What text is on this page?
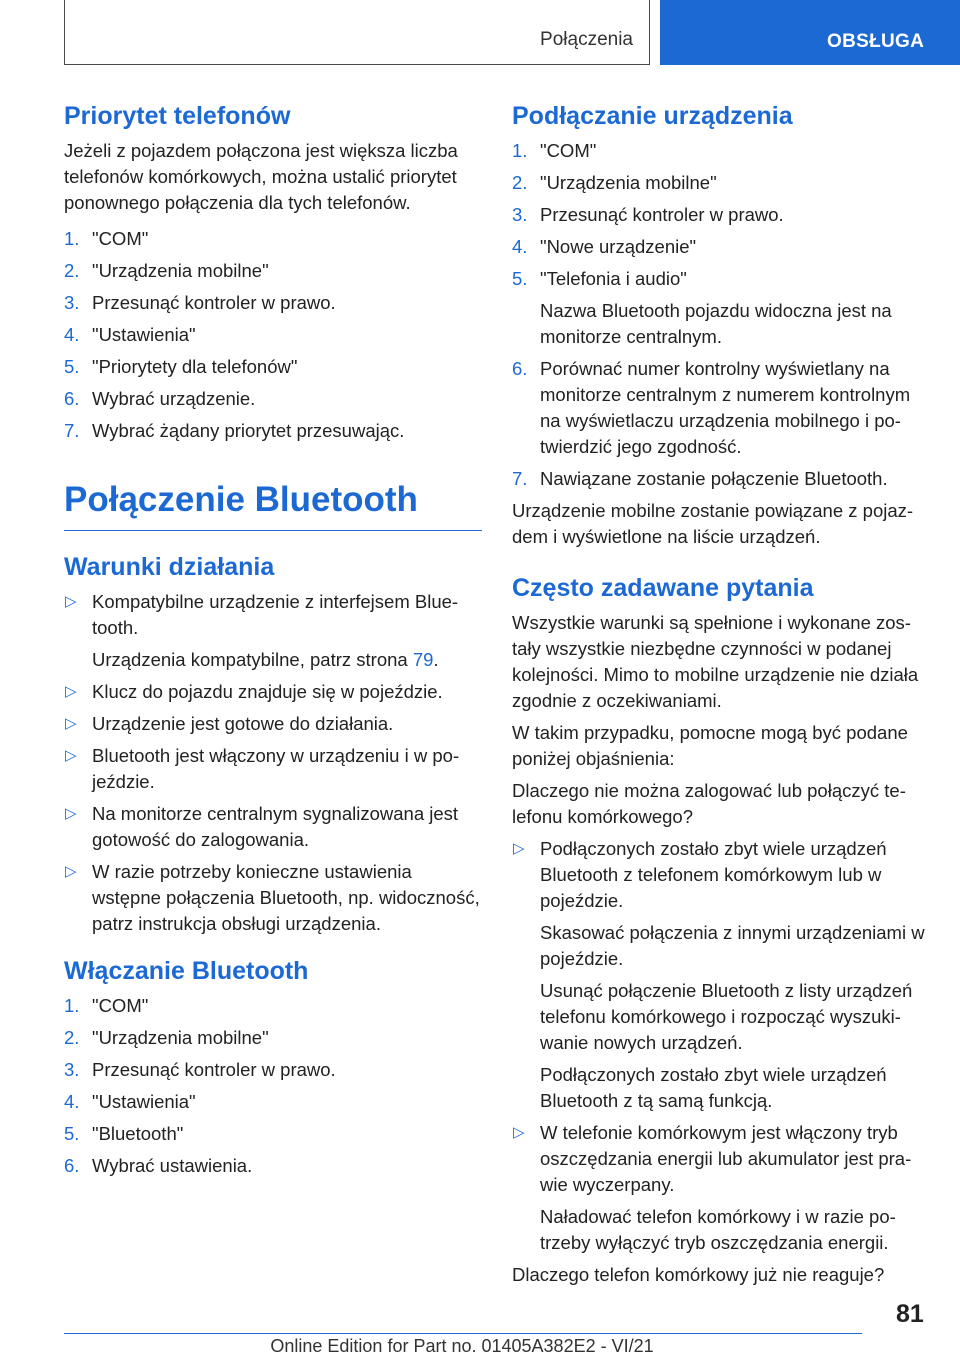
Połączenia	OBSŁUGA
Priorytet telefonów

Jeżeli z pojazdem połączona jest większa liczba telefonów komórkowych, można ustalić priorytet ponownego połączenia dla tych telefonów.

1. "COM"
2. "Urządzenia mobilne"
3. Przesunąć kontroler w prawo.
4. "Ustawienia"
5. "Priorytety dla telefonów"
6. Wybrać urządzenie.
7. Wybrać żądany priorytet przesuwając.
Połączenie Bluetooth
Warunki działania
▷ Kompatybilne urządzenie z interfejsem Bluetooth.
Urządzenia kompatybilne, patrz strona 79.
▷ Klucz do pojazdu znajduje się w pojeździe.
▷ Urządzenie jest gotowe do działania.
▷ Bluetooth jest włączony w urządzeniu i w pojeździe.
▷ Na monitorze centralnym sygnalizowana jest gotowość do zalogowania.
▷ W razie potrzeby konieczne ustawienia wstępne połączenia Bluetooth, np. widoczność, patrz instrukcja obsługi urządzenia.
Włączanie Bluetooth
1. "COM"
2. "Urządzenia mobilne"
3. Przesunąć kontroler w prawo.
4. "Ustawienia"
5. "Bluetooth"
6. Wybrać ustawienia.
Podłączanie urządzenia
1. "COM"
2. "Urządzenia mobilne"
3. Przesunąć kontroler w prawo.
4. "Nowe urządzenie"
5. "Telefonia i audio"
Nazwa Bluetooth pojazdu widoczna jest na monitorze centralnym.
6. Porównać numer kontrolny wyświetlany na monitorze centralnym z numerem kontrolnym na wyświetlaczu urządzenia mobilnego i potwierdzić jego zgodność.
7. Nawiązane zostanie połączenie Bluetooth.

Urządzenie mobilne zostanie powiązane z pojazdem i wyświetlone na liście urządzeń.

Często zadawane pytania

Wszystkie warunki są spełnione i wykonane zostały wszystkie niezbędne czynności w podanej kolejności. Mimo to mobilne urządzenie nie działa zgodnie z oczekiwaniami.

W takim przypadku, pomocne mogą być podane poniżej objaśnienia:

Dlaczego nie można zalogować lub połączyć telefonu komórkowego?

▷ Podłączonych zostało zbyt wiele urządzeń Bluetooth z telefonem komórkowym lub w pojeździe.
Skasować połączenia z innymi urządzeniami w pojeździe.
Usunąć połączenie Bluetooth z listy urządzeń telefonu komórkowego i rozpocząć wyszukiwanie nowych urządzeń.
Podłączonych zostało zbyt wiele urządzeń Bluetooth z tą samą funkcją.
▷ W telefonie komórkowym jest włączony tryb oszczędzania energii lub akumulator jest prawie wyczerpany.
Naładować telefon komórkowy i w razie potrzeby wyłączyć tryb oszczędzania energii.

Dlaczego telefon komórkowy już nie reaguje?

81
Online Edition for Part no. 01405A382E2 - VI/21
